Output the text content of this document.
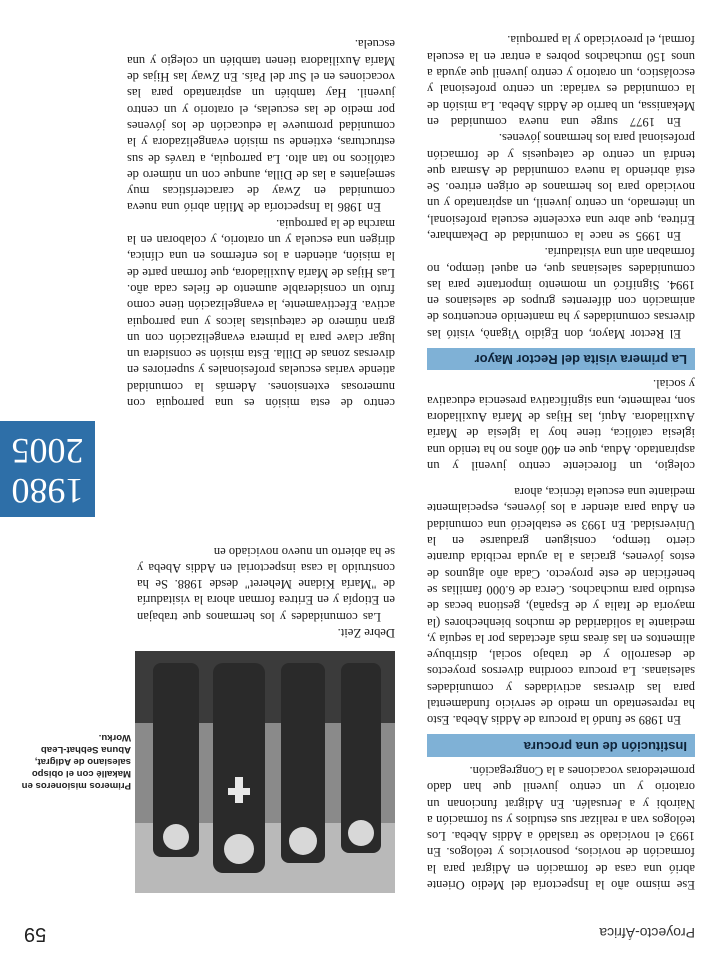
Proyecto-África
59

Ese mismo año la Inspectoría del Medio Oriente abrió una casa de formación en Adigrat para la formación de novicios, posnovicios y teólogos. En 1993 el noviciado se trasladó a Addis Abeba. Los teólogos van a realizar sus estudios y su formación a Nairobi y a Jerusalén. En Adigrat funcionan un oratorio y un centro juvenil que han dado prometedoras vocaciones a la Congregación.

Institución de una procura

En 1989 se fundó la procura de Addis Abeba. Esto ha representado un medio de servicio fundamental para las diversas actividades y comunidades salesianas. La procura coordina diversos proyectos de desarrollo y de trabajo social, distribuye alimentos en las áreas más afectadas por la sequía y, mediante la solidaridad de muchos bienhechores (la mayoría de Italia y de España), gestiona becas de estudio para muchachos. Cerca de 6.000 familias se benefician de este proyecto. Cada año algunos de estos jóvenes, gracias a la ayuda recibida durante cierto tiempo, consiguen graduarse en la Universidad. En 1993 se estableció una comunidad en Adua para atender a los jóvenes, especialmente mediante una escuela técnica, ahora

colegio, un floreciente centro juvenil y un aspirantado. Adua, que en 400 años no ha tenido una iglesia católica, tiene hoy la iglesia de María Auxiliadora. Aquí, las Hijas de María Auxiliadora son, realmente, una significativa presencia educativa y social.

La primera visita del Rector Mayor

El Rector Mayor, don Egidio Viganò, visitó las diversas comunidades y ha mantenido encuentros de animación con diferentes grupos de salesianos en 1994. Significó un momento importante para las comunidades salesianas que, en aquel tiempo, no formaban aún una visitaduría.

En 1995 se nace la comunidad de Dekamhare, Eritrea, que abre una excelente escuela profesional, un internado, un centro juvenil, un aspirantado y un noviciado para los hermanos de origen eritreo. Se está abriendo la nueva comunidad de Asmara que tendrá un centro de catequesis y de formación profesional para los hermanos jóvenes.

En 1977 surge una nueva comunidad en Mekanissa, un barrio de Addis Abeba. La misión de la comunidad es variada: un centro profesional y escolástico, un oratorio y centro juvenil que ayuda a unos 150 muchachos pobres a entrar en la escuela formal, el preoviciado y la parroquia.

Debre Zeit.

Las comunidades y los hermanos que trabajan en Etiopía y en Eritrea forman ahora la visitaduría de "María Kidane Meheret" desde 1988. Se ha construido la casa inspectorial en Addis Abeba y se ha abierto un nuevo noviciado en

centro de esta misión es una parroquia con numerosas extensiones. Además la comunidad atiende varias escuelas profesionales y superiores en diversas zonas de Dilla. Esta misión se considera un lugar clave para la primera evangelización con un gran número de catequistas laicos y una parroquia activa. Efectivamente, la evangelización tiene como fruto un considerable aumento de fieles cada año. Las Hijas de María Auxiliadora, que forman parte de la misión, atienden a los enfermos en una clínica, dirigen una escuela y un oratorio, y colaboran en la marcha de la parroquia.

En 1986 la Inspectoría de Milán abrió una nueva comunidad en Zway de características muy semejantes a las de Dilla, aunque con un número de católicos no tan alto. La parroquia, a través de sus estructuras, extiende su misión evangelizadora y la comunidad promueve la educación de los jóvenes por medio de las escuelas, el oratorio y un centro juvenil. Hay también un aspirantado para las vocaciones en el Sur del País. En Zway las Hijas de María Auxiliadora tienen también un colegio y una escuela.

Primeros misioneros en Makallè con el obispo salesiano de Adigrat, Abuna Sebhat-Leab Worku.
1980
2005
